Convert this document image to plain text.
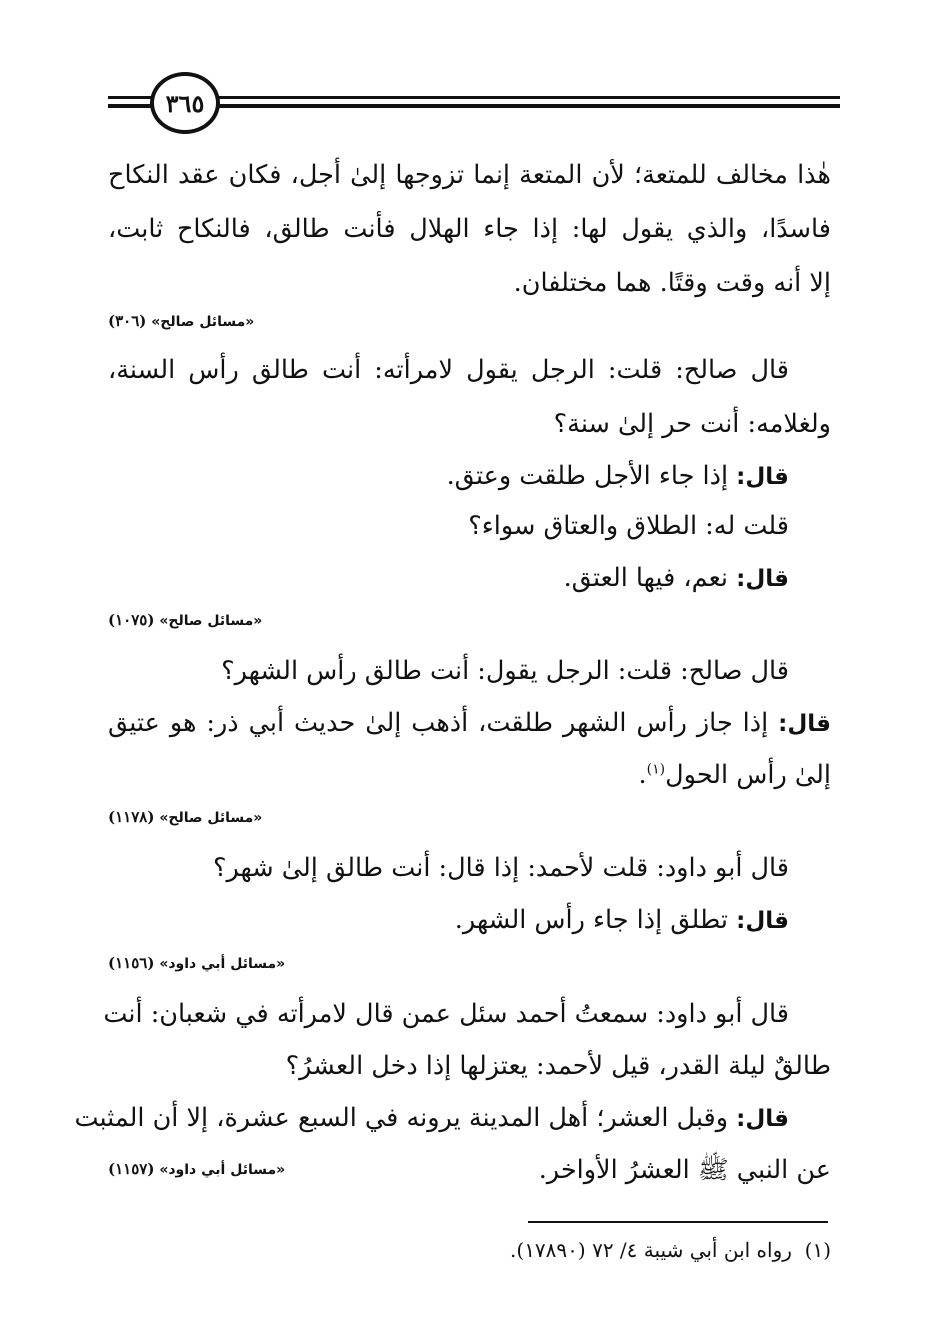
٣٦٥
هٰذا مخالف للمتعة؛ لأن المتعة إنما تزوجها إلىٰ أجل، فكان عقد النكاح
فاسدًا، والذي يقول لها: إذا جاء الهلال فأنت طالق، فالنكاح ثابت،
إلا أنه وقت وقتًا. هما مختلفان.
«مسائل صالح» (٣٠٦)
قال صالح: قلت: الرجل يقول لامرأته: أنت طالق رأس السنة،
ولغلامه: أنت حر إلىٰ سنة؟
قال: إذا جاء الأجل طلقت وعتق.
قلت له: الطلاق والعتاق سواء؟
قال: نعم، فيها العتق.
«مسائل صالح» (١٠٧٥)
قال صالح: قلت: الرجل يقول: أنت طالق رأس الشهر؟
قال: إذا جاز رأس الشهر طلقت، أذهب إلىٰ حديث أبي ذر: هو عتيق
إلىٰ رأس الحول$^{(١)}$.
«مسائل صالح» (١١٧٨)
قال أبو داود: قلت لأحمد: إذا قال: أنت طالق إلىٰ شهر؟
قال: تطلق إذا جاء رأس الشهر.
«مسائل أبي داود» (١١٥٦)
قال أبو داود: سمعتُ أحمد سئل عمن قال لامرأته في شعبان: أنت
طالقٌ ليلة القدر، قيل لأحمد: يعتزلها إذا دخل العشرُ؟
قال: وقبل العشر؛ أهل المدينة يرونه في السبع عشرة، إلا أن المثبت
عن النبي ﷺ العشرُ الأواخر.
«مسائل أبي داود» (١١٥٧)
(١)  رواه ابن أبي شيبة ٤/ ٧٢ (١٧٨٩٠).
